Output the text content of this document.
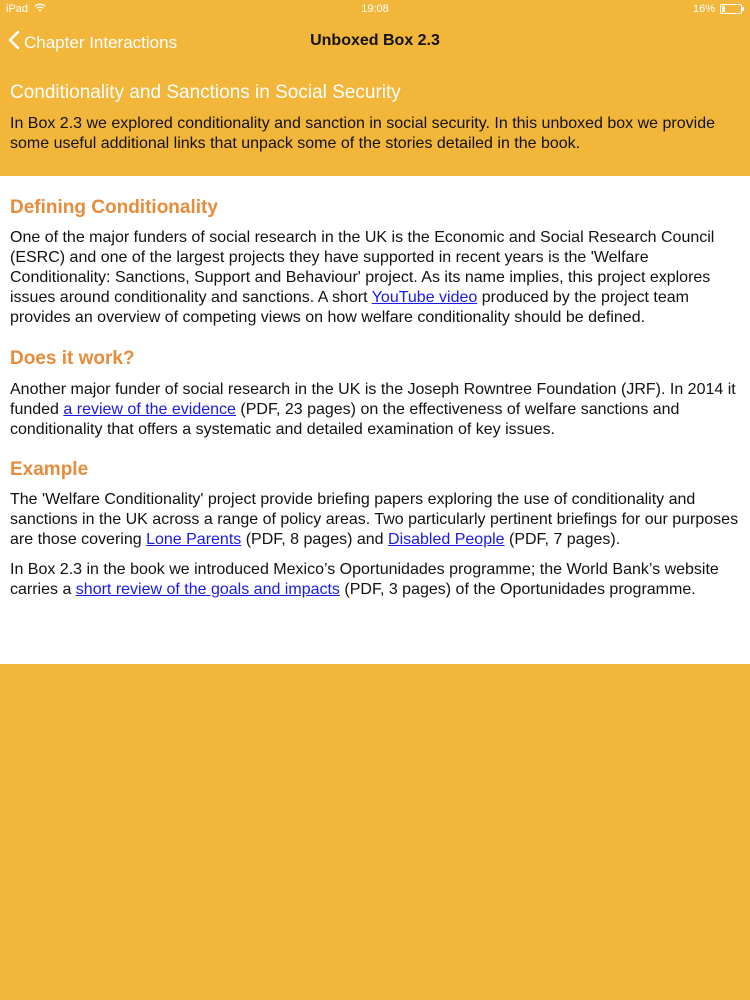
iPad	19:08	16%
Chapter Interactions	Unboxed Box 2.3
Conditionality and Sanctions in Social Security

In Box 2.3 we explored conditionality and sanction in social security. In this unboxed box we provide some useful additional links that unpack some of the stories detailed in the book.

Defining Conditionality

One of the major funders of social research in the UK is the Economic and Social Research Council (ESRC) and one of the largest projects they have supported in recent years is the 'Welfare Conditionality: Sanctions, Support and Behaviour' project. As its name implies, this project explores issues around conditionality and sanctions. A short YouTube video produced by the project team provides an overview of competing views on how welfare conditionality should be defined.

Does it work?

Another major funder of social research in the UK is the Joseph Rowntree Foundation (JRF). In 2014 it funded a review of the evidence (PDF, 23 pages) on the effectiveness of welfare sanctions and conditionality that offers a systematic and detailed examination of key issues.

Example

The 'Welfare Conditionality' project provide briefing papers exploring the use of conditionality and sanctions in the UK across a range of policy areas. Two particularly pertinent briefings for our purposes are those covering Lone Parents (PDF, 8 pages) and Disabled People (PDF, 7 pages).

In Box 2.3 in the book we introduced Mexico’s Oportunidades programme; the World Bank’s website carries a short review of the goals and impacts (PDF, 3 pages) of the Oportunidades programme.
